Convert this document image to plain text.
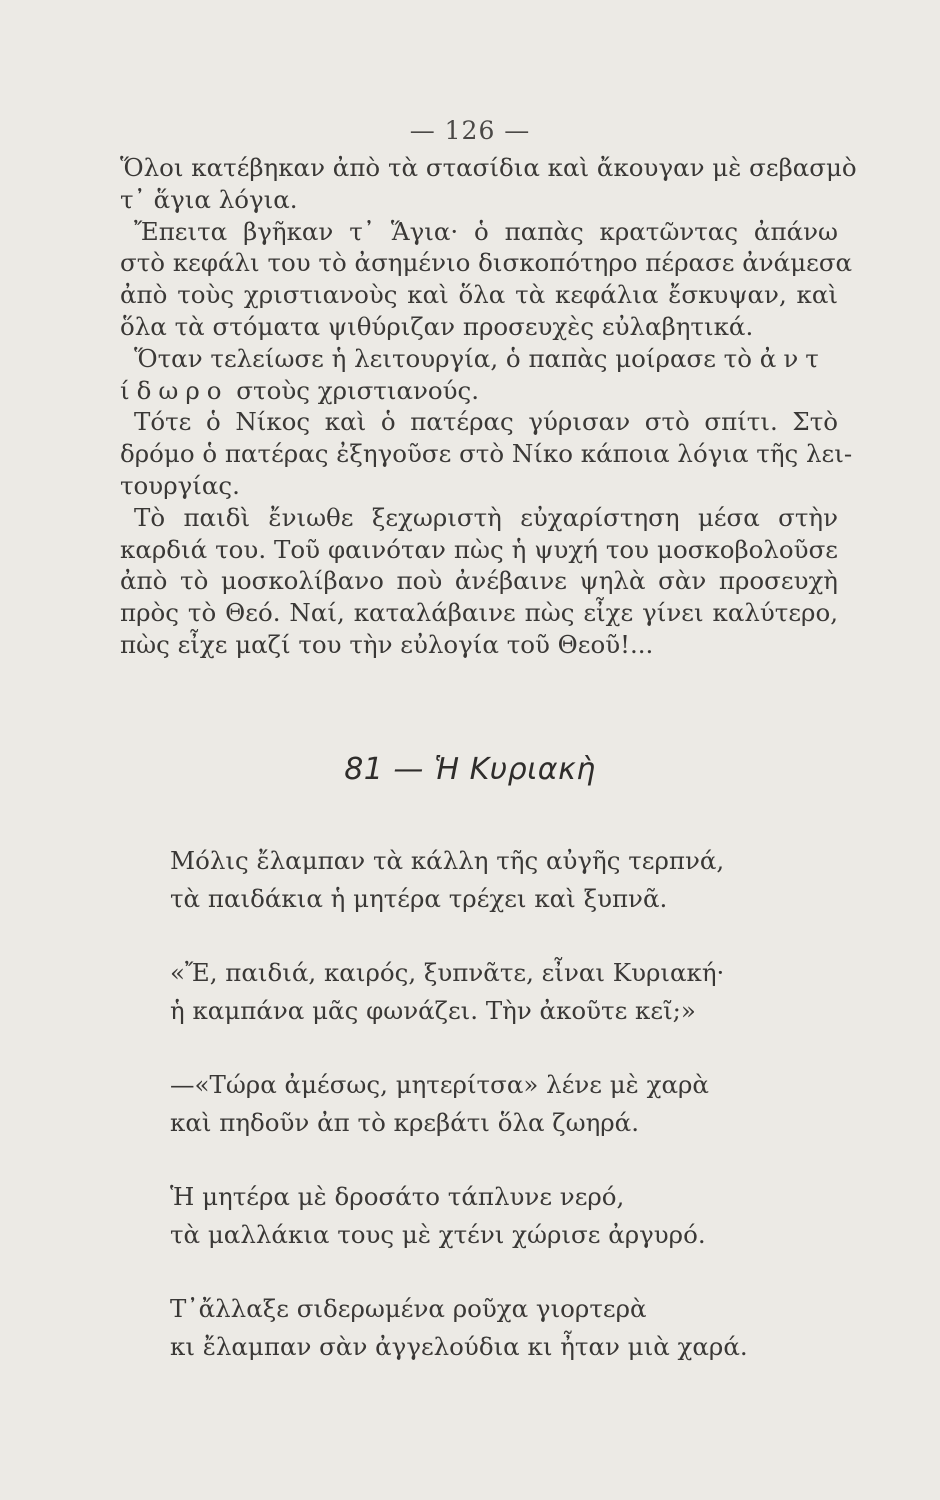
— 126 —
Ὅλοι κατέβηκαν ἀπὸ τὰ στασίδια καὶ ἄκουγαν μὲ σεβασμὸ
τ᾿ ἅγια λόγια.
Ἔπειτα βγῆκαν τ᾿ Ἅγια· ὁ παπὰς κρατῶντας ἀπάνω
στὸ κεφάλι του τὸ ἀσημένιο δισκοπότηρο πέρασε ἀνάμεσα
ἀπὸ τοὺς χριστιανοὺς καὶ ὅλα τὰ κεφάλια ἔσκυψαν, καὶ
ὅλα τὰ στόματα ψιθύριζαν προσευχὲς εὐλαβητικά.
Ὅταν τελείωσε ἡ λειτουργία, ὁ παπὰς μοίρασε τὸ ἀντ
ίδωρο στοὺς χριστιανούς.
Τότε ὁ Νίκος καὶ ὁ πατέρας γύρισαν στὸ σπίτι. Στὸ
δρόμο ὁ πατέρας ἐξηγοῦσε στὸ Νίκο κάποια λόγια τῆς λει-
τουργίας.
Τὸ παιδὶ ἔνιωθε ξεχωριστὴ εὐχαρίστηση μέσα στὴν
καρδιά του. Τοῦ φαινόταν πὼς ἡ ψυχή του μοσκοβολοῦσε
ἀπὸ τὸ μοσκολίβανο ποὺ ἀνέβαινε ψηλὰ σὰν προσευχὴ
πρὸς τὸ Θεό. Ναί, καταλάβαινε πὼς εἶχε γίνει καλύτερο,
πὼς εἶχε μαζί του τὴν εὐλογία τοῦ Θεοῦ!...
81 — Ἡ Κυριακὴ
Μόλις ἔλαμπαν τὰ κάλλη τῆς αὐγῆς τερπνά,
τὰ παιδάκια ἡ μητέρα τρέχει καὶ ξυπνᾶ.
«Ἔ, παιδιά, καιρός, ξυπνᾶτε, εἶναι Κυριακή·
ἡ καμπάνα μᾶς φωνάζει. Τὴν ἀκοῦτε κεῖ;»
—«Τώρα ἀμέσως, μητερίτσα» λένε μὲ χαρὰ
καὶ πηδοῦν ἀπ τὸ κρεβάτι ὅλα ζωηρά.
Ἡ μητέρα μὲ δροσάτο τάπλυνε νερό,
τὰ μαλλάκια τους μὲ χτένι χώρισε ἀργυρό.
Τ᾿ἄλλαξε σιδερωμένα ροῦχα γιορτερὰ
κι ἔλαμπαν σὰν ἀγγελούδια κι ἦταν μιὰ χαρά.
